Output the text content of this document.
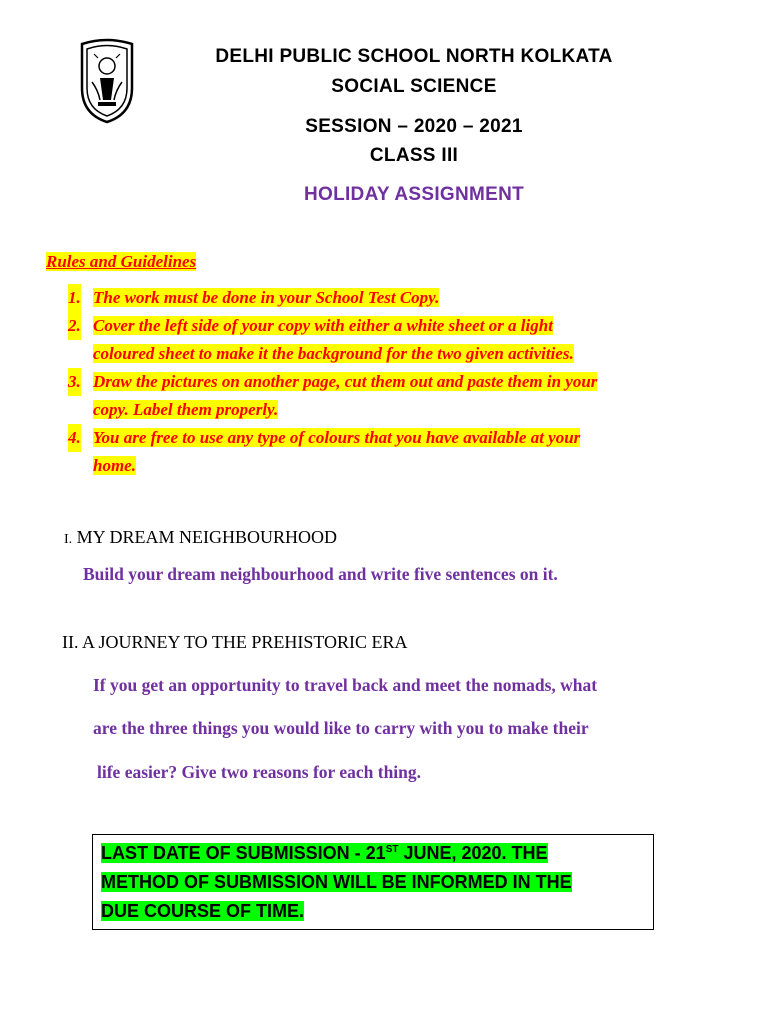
DELHI PUBLIC SCHOOL NORTH KOLKATA
SOCIAL SCIENCE
SESSION – 2020 – 2021
CLASS III
HOLIDAY ASSIGNMENT
Rules and Guidelines
1. The work must be done in your School Test Copy.
2. Cover the left side of your copy with either a white sheet or a light
coloured sheet to make it the background for the two given activities.
3. Draw the pictures on another page, cut them out and paste them in your
copy. Label them properly.
4. You are free to use any type of colours that you have available at your
home.
I. MY DREAM NEIGHBOURHOOD
Build your dream neighbourhood and write five sentences on it.
II. A JOURNEY TO THE PREHISTORIC ERA
If you get an opportunity to travel back and meet the nomads, what
are the three things you would like to carry with you to make their
life easier? Give two reasons for each thing.
LAST DATE OF SUBMISSION - 21ST JUNE, 2020. THE
METHOD OF SUBMISSION WILL BE INFORMED IN THE
DUE COURSE OF TIME.
